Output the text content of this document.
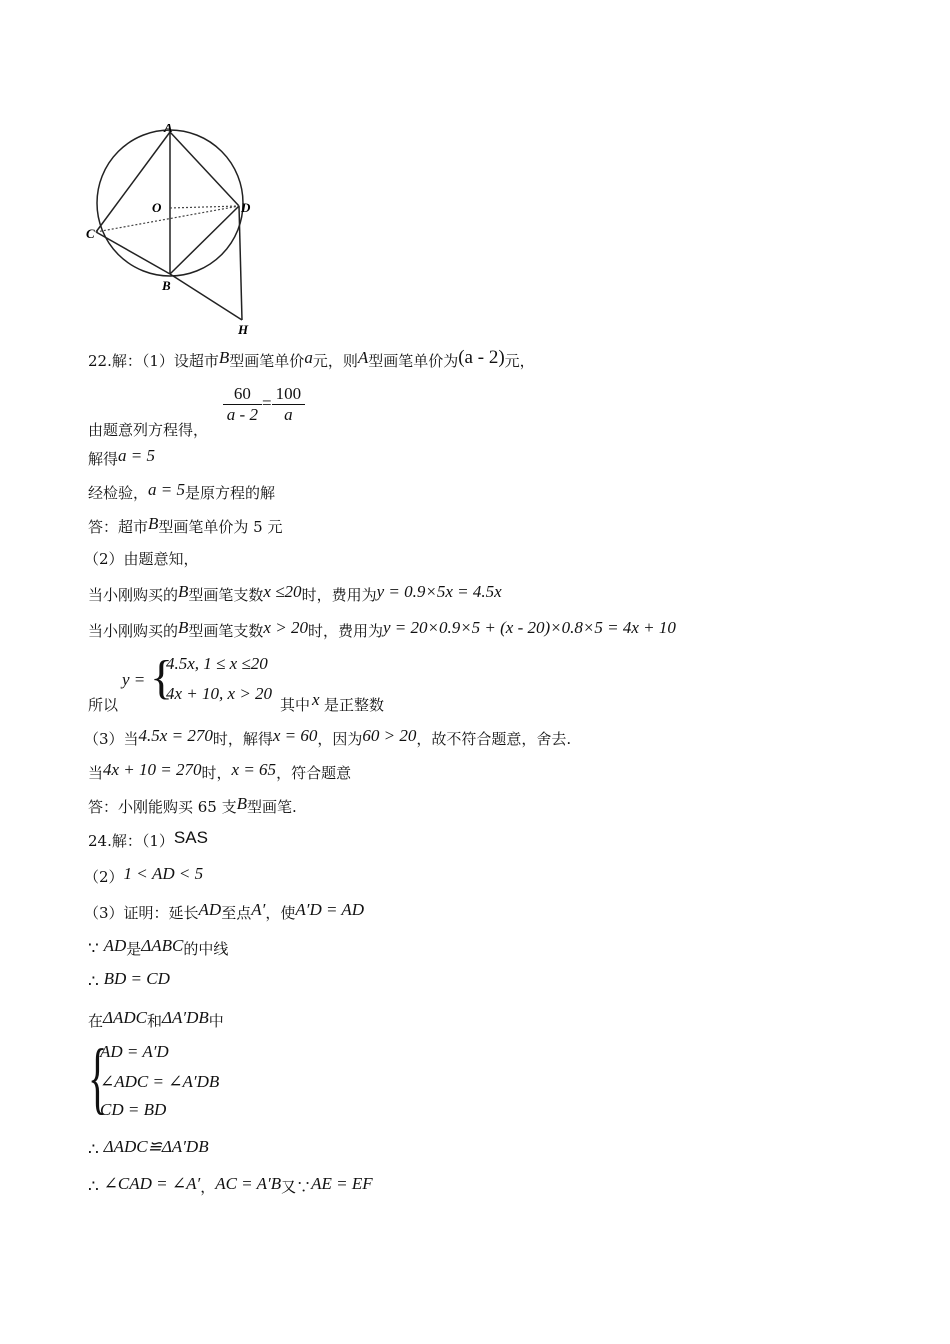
A
O	D
C
B
H
22.解：（1）设超市B型画笔单价a元，则A型画笔单价为(a - 2)元，
由题意列方程得，
$\frac{60}{a - 2} = \frac{100}{a}$
解得a = 5
经检验，a = 5是原方程的解
答：超市B型画笔单价为 5 元
（2）由题意知，
当小刚购买的B型画笔支数x ≤20时，费用为y = 0.9×5x = 4.5x
当小刚购买的B型画笔支数x > 20时，费用为y = 20×0.9×5 + (x - 20)×0.8×5 = 4x + 10
所以
y = {
4.5x, 1 ≤ x ≤20
4x + 10, x > 20
其中 x 是正整数
（3）当4.5x = 270时，解得x = 60，因为60 > 20，故不符合题意，舍去.
当4x + 10 = 270时，x = 65，符合题意
答：小刚能购买 65 支B型画笔.
24.解：（1）SAS
（2）1 < AD < 5
（3）证明：延长AD至点A′，使A′D = AD
∵ AD是ΔABC的中线
∴ BD = CD
在ΔADC和ΔA′DB中
{
AD = A′D
∠ADC = ∠A′DB
CD = BD
∴ ΔADC≌ΔA′DB
∴ ∠CAD = ∠A′，AC = A′B又∵AE = EF
